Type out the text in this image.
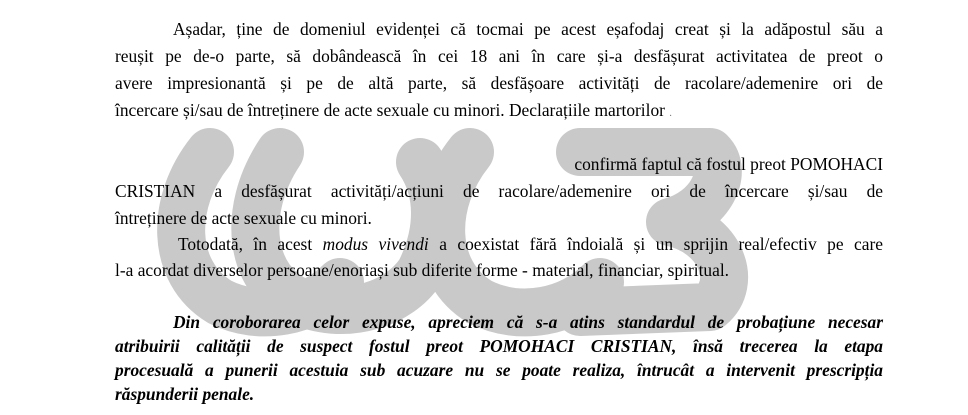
Așadar, ține de domeniul evidenței că tocmai pe acest eșafodaj creat și la adăpostul său a
reușit pe de-o parte, să dobândească în cei 18 ani în care și-a desfășurat activitatea de preot o
avere impresionantă și pe de altă parte, să desfășoare activități de racolare/ademenire ori de
încercare și/sau de întreținere de acte sexuale cu minori. Declarațiile martorilor .
confirmă faptul că fostul preot POMOHACI
CRISTIAN a desfășurat activități/acțiuni de racolare/ademenire ori de încercare și/sau de
întreținere de acte sexuale cu minori.
Totodată, în acest modus vivendi a coexistat fără îndoială și un sprijin real/efectiv pe care
l-a acordat diverselor persoane/enoriași sub diferite forme - material, financiar, spiritual.
Din coroborarea celor expuse, apreciem că s-a atins standardul de probațiune necesar
atribuirii calității de suspect fostul preot POMOHACI CRISTIAN, însă trecerea la etapa
procesuală a punerii acestuia sub acuzare nu se poate realiza, întrucât a intervenit prescripția
răspunderii penale.
